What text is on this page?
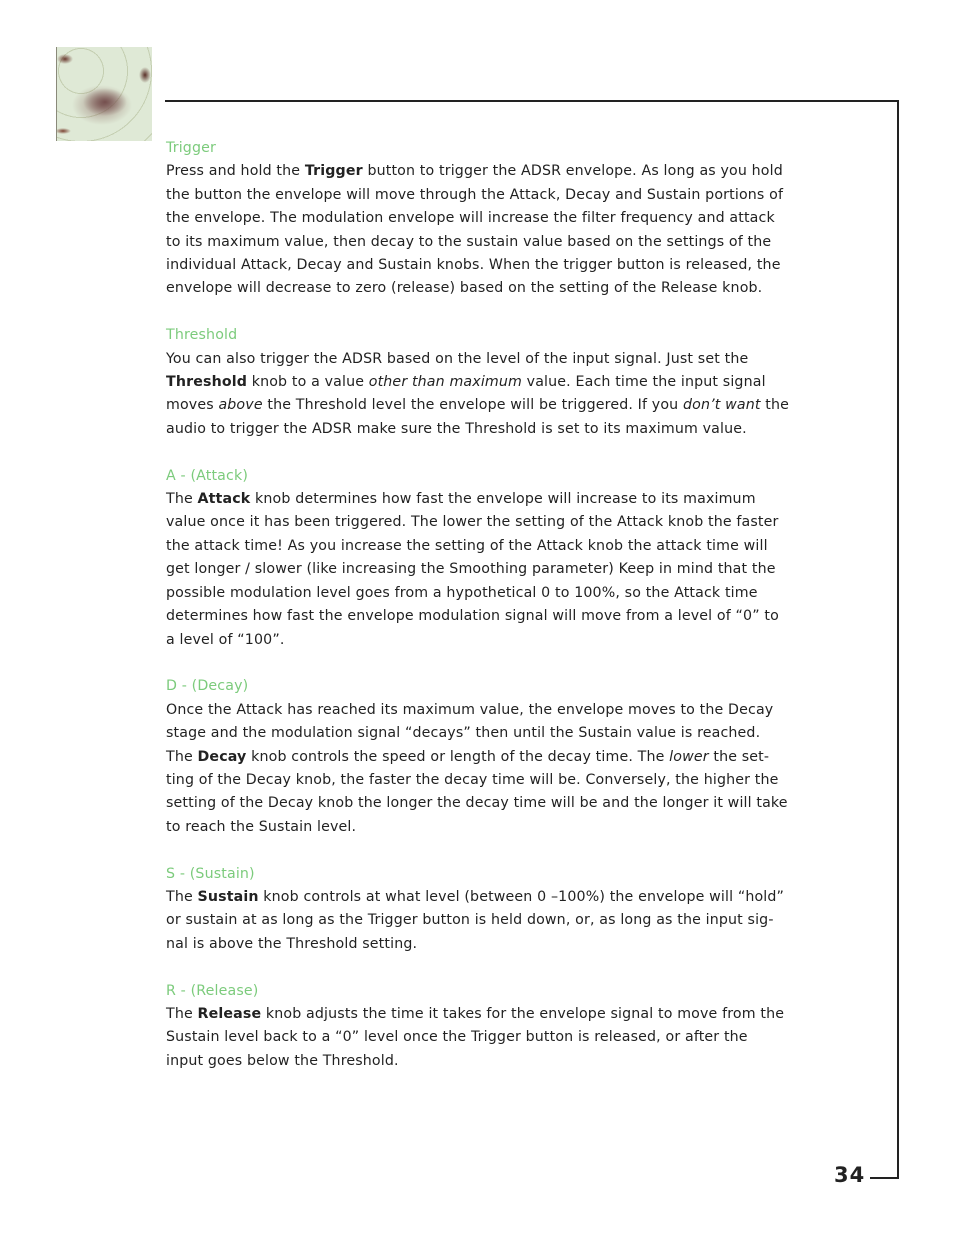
Trigger
Press and hold the Trigger button to trigger the ADSR envelope. As long as you hold
the button the envelope will move through the Attack, Decay and Sustain portions of
the envelope. The modulation envelope will increase the filter frequency and attack
to its maximum value, then decay to the sustain value based on the settings of the
individual Attack, Decay and Sustain knobs. When the trigger button is released, the
envelope will decrease to zero (release) based on the setting of the Release knob.
Threshold
You can also trigger the ADSR based on the level of the input signal. Just set the
Threshold knob to a value other than maximum value. Each time the input signal
moves above the Threshold level the envelope will be triggered. If you don’t want the
audio to trigger the ADSR make sure the Threshold is set to its maximum value.
A - (Attack)
The Attack knob determines how fast the envelope will increase to its maximum
value once it has been triggered. The lower the setting of the Attack knob the faster
the attack time! As you increase the setting of the Attack knob the attack time will
get longer / slower (like increasing the Smoothing parameter) Keep in mind that the
possible modulation level goes from a hypothetical 0 to 100%, so the Attack time
determines how fast the envelope modulation signal will move from a level of “0” to
a level of “100”.
D - (Decay)
Once the Attack has reached its maximum value, the envelope moves to the Decay
stage and the modulation signal “decays” then until the Sustain value is reached.
The Decay knob controls the speed or length of the decay time. The lower the set-
ting of the Decay knob, the faster the decay time will be. Conversely, the higher the
setting of the Decay knob the longer the decay time will be and the longer it will take
to reach the Sustain level.
S - (Sustain)
The Sustain knob controls at what level (between 0 –100%) the envelope will “hold”
or sustain at as long as the Trigger button is held down, or, as long as the input sig-
nal is above the Threshold setting.
R - (Release)
The Release knob adjusts the time it takes for the envelope signal to move from the
Sustain level back to a “0” level once the Trigger button is released, or after the
input goes below the Threshold.
34
